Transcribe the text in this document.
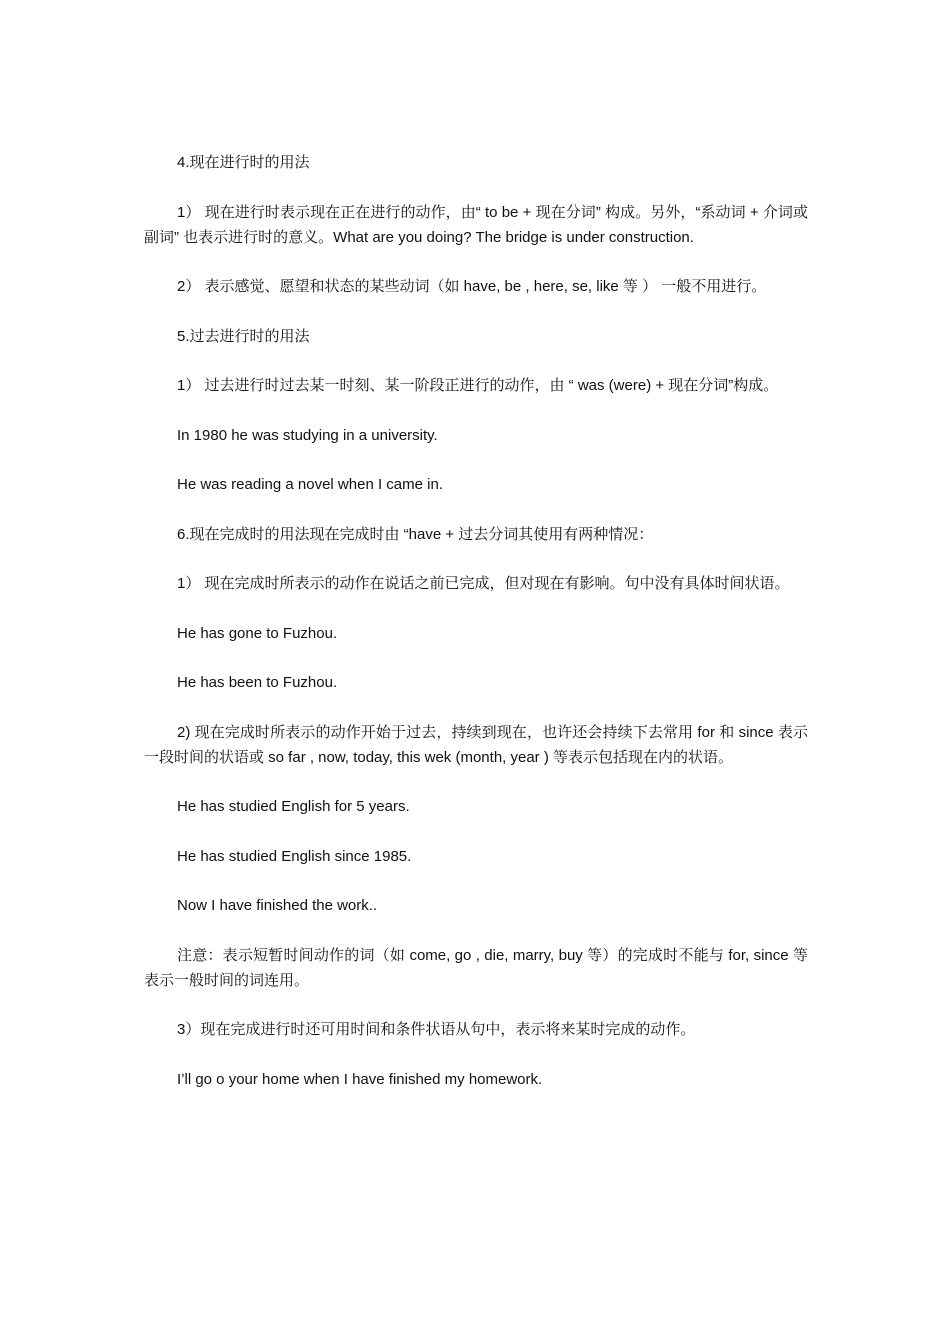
4.现在进行时的用法

1） 现在进行时表示现在正在进行的动作，由“ to be + 现在分词” 构成。另外，“系动词 + 介词或副词” 也表示进行时的意义。What are you doing? The bridge is under construction.

2） 表示感觉、愿望和状态的某些动词（如 have, be , here, se, like 等 ） 一般不用进行。

5.过去进行时的用法

1） 过去进行时过去某一时刻、某一阶段正进行的动作，由 “ was (were) + 现在分词”构成。

In 1980 he was studying in a university.

He was reading a novel when I came in.

6.现在完成时的用法现在完成时由 “have + 过去分词其使用有两种情况：

1） 现在完成时所表示的动作在说话之前已完成，但对现在有影响。句中没有具体时间状语。

He has gone to Fuzhou.

He has been to Fuzhou.

2) 现在完成时所表示的动作开始于过去，持续到现在，也许还会持续下去常用 for 和 since 表示一段时间的状语或 so far , now, today, this wek (month, year ) 等表示包括现在内的状语。

He has studied English for 5 years.

He has studied English since 1985.

Now I have finished the work..

注意：表示短暂时间动作的词（如 come, go , die, marry, buy 等）的完成时不能与 for, since 等 表示一般时间的词连用。

3）现在完成进行时还可用时间和条件状语从句中，表示将来某时完成的动作。

I’ll go o your home when I have finished my homework.
